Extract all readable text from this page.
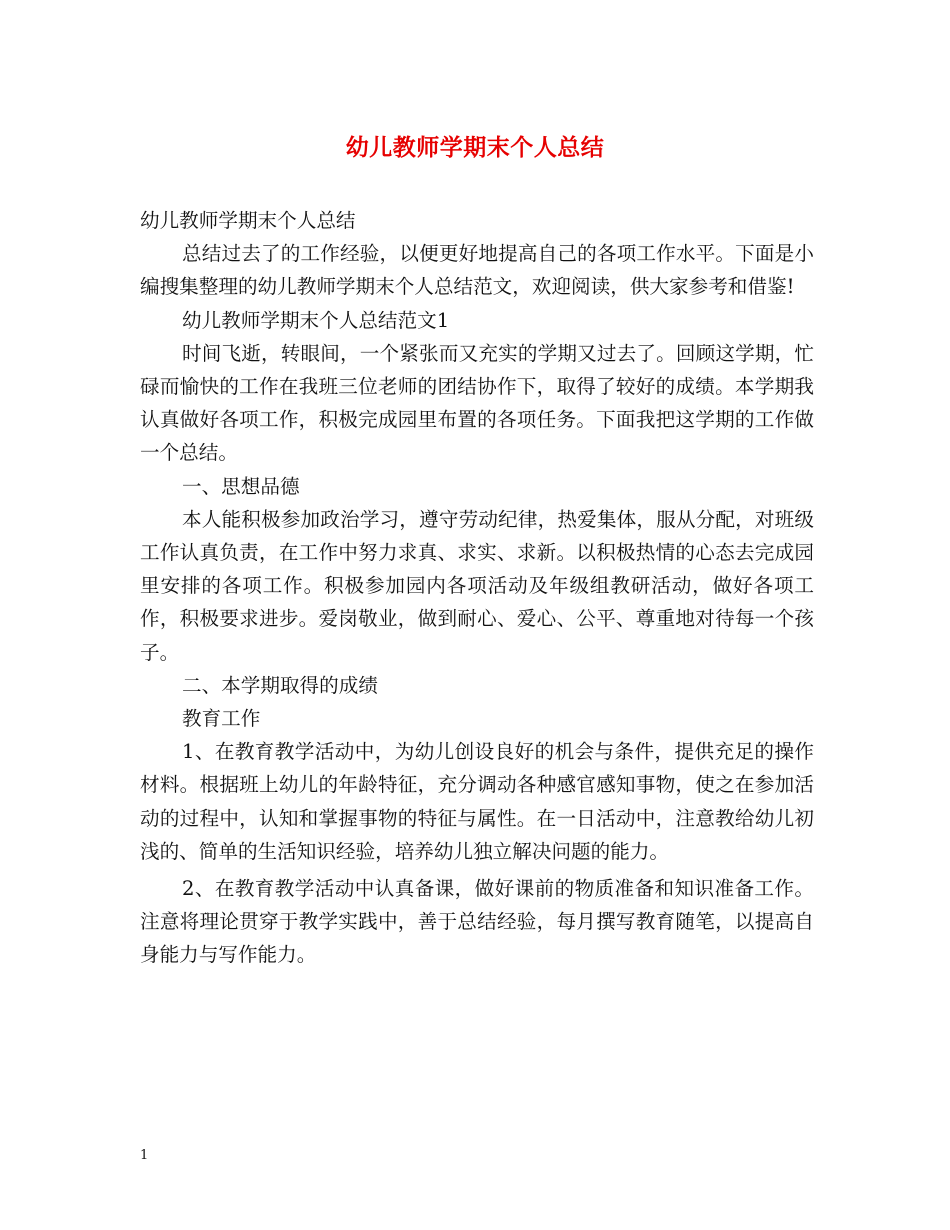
幼儿教师学期末个人总结

幼儿教师学期末个人总结

总结过去了的工作经验，以便更好地提高自己的各项工作水平。下面是小编搜集整理的幼儿教师学期末个人总结范文，欢迎阅读，供大家参考和借鉴!

幼儿教师学期末个人总结范文1

时间飞逝，转眼间，一个紧张而又充实的学期又过去了。回顾这学期，忙碌而愉快的工作在我班三位老师的团结协作下，取得了较好的成绩。本学期我认真做好各项工作，积极完成园里布置的各项任务。下面我把这学期的工作做一个总结。

一、思想品德

本人能积极参加政治学习，遵守劳动纪律，热爱集体，服从分配，对班级工作认真负责，在工作中努力求真、求实、求新。以积极热情的心态去完成园里安排的各项工作。积极参加园内各项活动及年级组教研活动，做好各项工作，积极要求进步。爱岗敬业，做到耐心、爱心、公平、尊重地对待每一个孩子。

二、本学期取得的成绩

教育工作

1、在教育教学活动中，为幼儿创设良好的机会与条件，提供充足的操作材料。根据班上幼儿的年龄特征，充分调动各种感官感知事物，使之在参加活动的过程中，认知和掌握事物的特征与属性。在一日活动中，注意教给幼儿初浅的、简单的生活知识经验，培养幼儿独立解决问题的能力。

2、在教育教学活动中认真备课，做好课前的物质准备和知识准备工作。注意将理论贯穿于教学实践中，善于总结经验，每月撰写教育随笔，以提高自身能力与写作能力。

1
